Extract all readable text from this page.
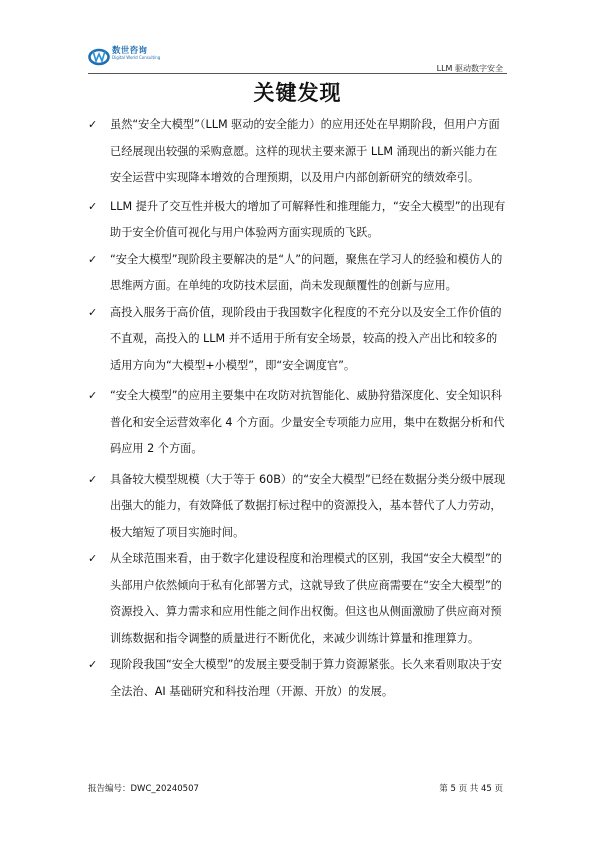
数世咨询
Digital World Consulting
LLM 驱动数字安全
关键发现
✓ 虽然“安全大模型”（LLM 驱动的安全能力）的应用还处在早期阶段，但用户方面已经展现出较强的采购意愿。这样的现状主要来源于 LLM 涌现出的新兴能力在安全运营中实现降本增效的合理预期，以及用户内部创新研究的绩效牵引。
✓ LLM 提升了交互性并极大的增加了可解释性和推理能力，“安全大模型”的出现有助于安全价值可视化与用户体验两方面实现质的飞跃。
✓ “安全大模型”现阶段主要解决的是“人”的问题，聚焦在学习人的经验和模仿人的思维两方面。在单纯的攻防技术层面，尚未发现颠覆性的创新与应用。
✓ 高投入服务于高价值，现阶段由于我国数字化程度的不充分以及安全工作价值的不直观，高投入的 LLM 并不适用于所有安全场景，较高的投入产出比和较多的适用方向为“大模型+小模型”，即“安全调度官”。
✓ “安全大模型”的应用主要集中在攻防对抗智能化、威胁狩猎深度化、安全知识科普化和安全运营效率化 4 个方面。少量安全专项能力应用，集中在数据分析和代码应用 2 个方面。
✓ 具备较大模型规模（大于等于 60B）的“安全大模型”已经在数据分类分级中展现出强大的能力，有效降低了数据打标过程中的资源投入，基本替代了人力劳动，极大缩短了项目实施时间。
✓ 从全球范围来看，由于数字化建设程度和治理模式的区别，我国“安全大模型”的头部用户依然倾向于私有化部署方式，这就导致了供应商需要在“安全大模型”的资源投入、算力需求和应用性能之间作出权衡。但这也从侧面激励了供应商对预训练数据和指令调整的质量进行不断优化，来减少训练计算量和推理算力。
✓ 现阶段我国“安全大模型”的发展主要受制于算力资源紧张。长久来看则取决于安全法治、AI 基础研究和科技治理（开源、开放）的发展。
报告编号：DWC_20240507	第 5 页 共 45 页
